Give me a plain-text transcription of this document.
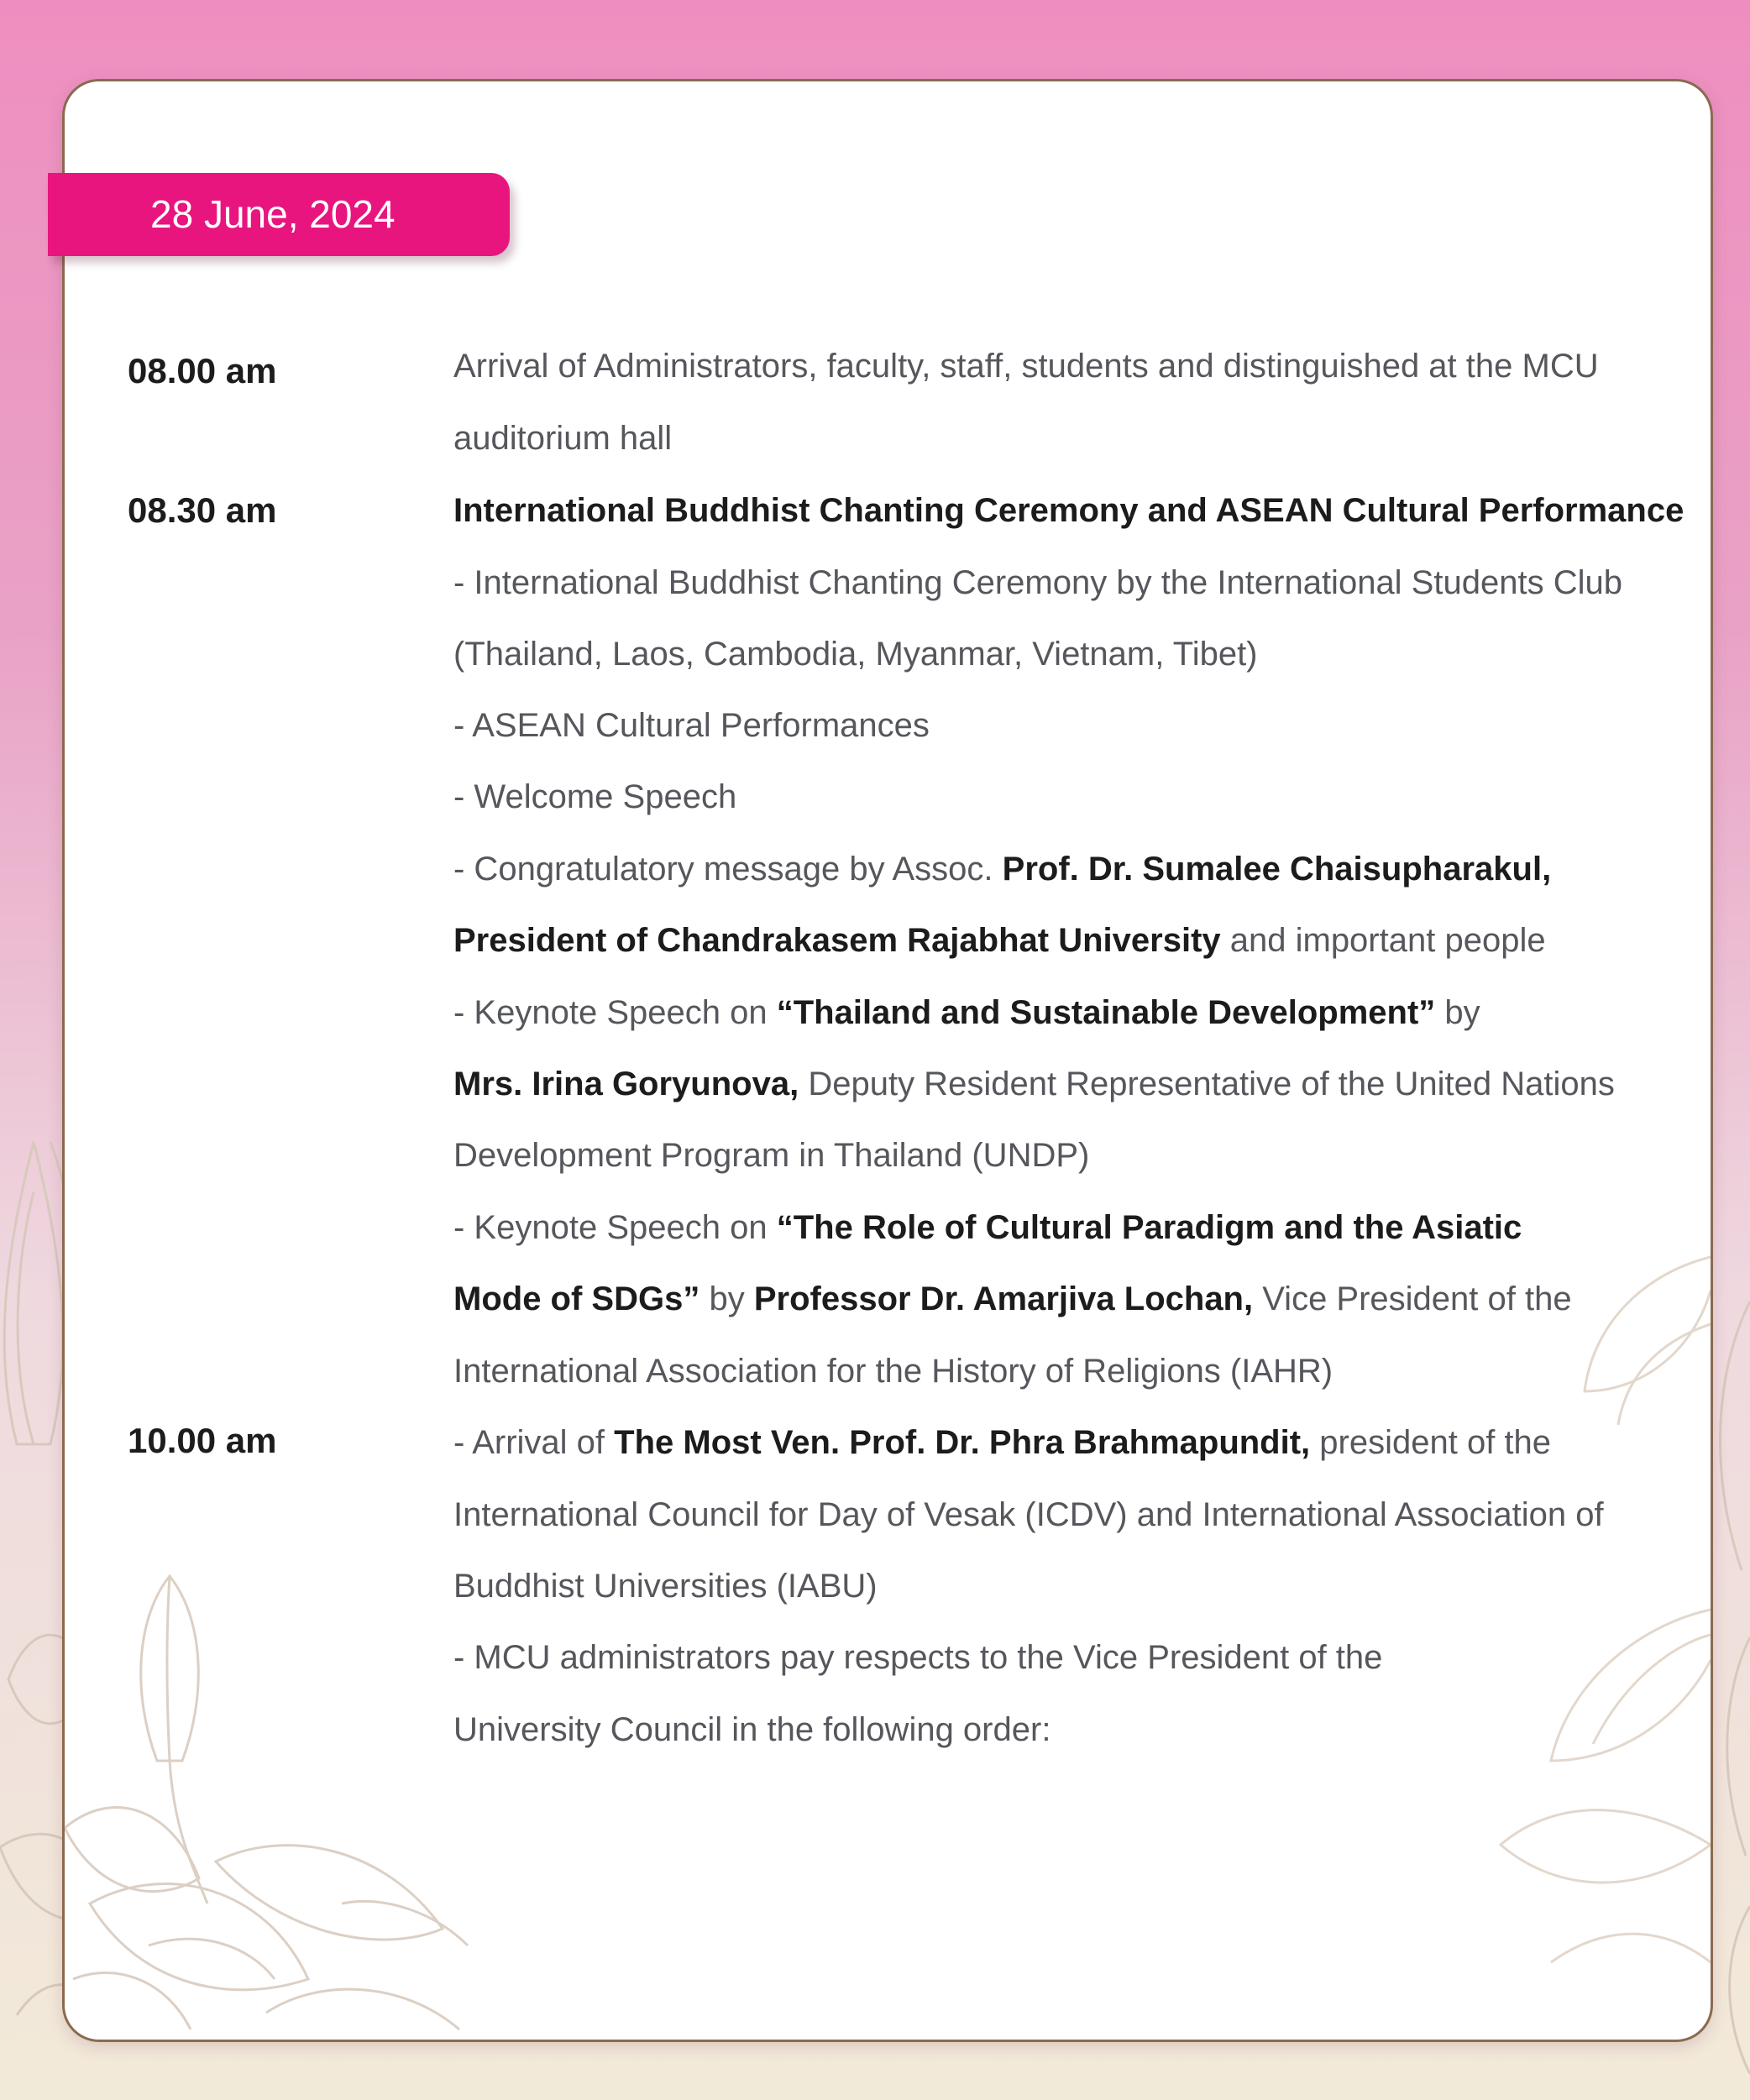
28 June, 2024
08.00 am
08.30 am
10.00 am
Arrival of Administrators, faculty, staff, students and distinguished at the MCU
auditorium hall
International Buddhist Chanting Ceremony and ASEAN Cultural Performance
- International Buddhist Chanting Ceremony by the International Students Club
(Thailand, Laos, Cambodia, Myanmar, Vietnam, Tibet)
- ASEAN Cultural Performances
- Welcome Speech
- Congratulatory message by Assoc. Prof. Dr. Sumalee Chaisupharakul,
President of Chandrakasem Rajabhat University and important people
- Keynote Speech on “Thailand and Sustainable Development” by
Mrs. Irina Goryunova, Deputy Resident Representative of the United Nations
Development Program in Thailand (UNDP)
- Keynote Speech on “The Role of Cultural Paradigm and the Asiatic
Mode of SDGs” by Professor Dr. Amarjiva Lochan, Vice President of the
International Association for the History of Religions (IAHR)
- Arrival of The Most Ven. Prof. Dr. Phra Brahmapundit, president of the
International Council for Day of Vesak (ICDV) and International Association of
Buddhist Universities (IABU)
- MCU administrators pay respects to the Vice President of the
University Council in the following order:
